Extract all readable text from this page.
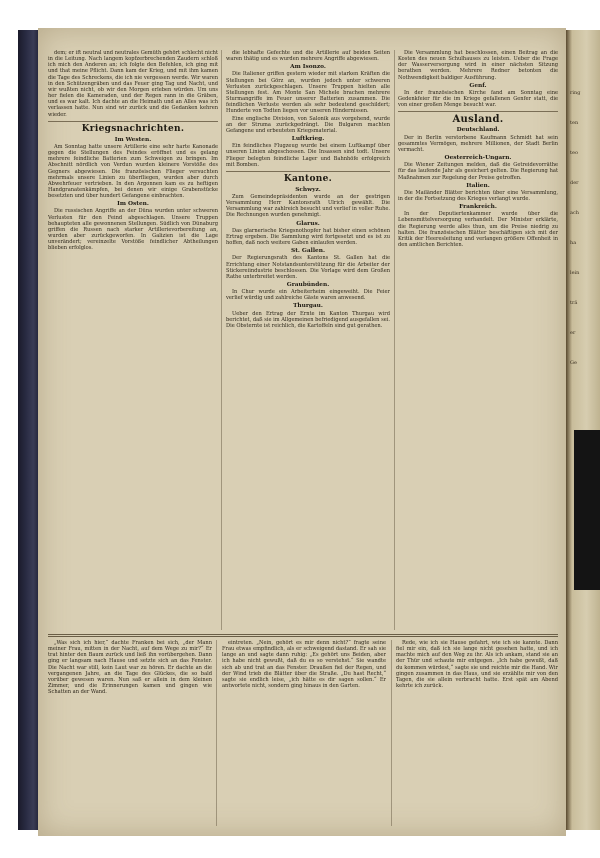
dem; er ift neutral und neutrales Gemüth gehört schlecht nicht in die Leitung. Nach langem kopfzerbrechenden Zaudern schloß ich mich den Anderen an; ich folgte den Befehlen, ich ging mit und that meine Pflicht. Dann kam der Krieg, und mit ihm kamen die Tage des Schreckens, die ich nie vergessen werde. Wir waren in den Schützengräben und das Feuer ging Tag und Nacht, und wir wußten nicht, ob wir den Morgen erleben würden. Um uns her fielen die Kameraden, und der Regen rann in die Gräben, und es war kalt. Ich dachte an die Heimath und an Alles was ich verlassen hatte. Nun sind wir zurück und die Gedanken kehren wieder.

Kriegsnachrichten.
Im Westen.

Am Sonntag hatte unsere Artillerie eine sehr harte Kanonade gegen die Stellungen des Feindes eröffnet und es gelang mehrere feindliche Batterien zum Schweigen zu bringen. Im Abschnitt nördlich von Verdun wurden kleinere Vorstöße des Gegners abgewiesen. Die französischen Flieger versuchten mehrmals unsere Linien zu überfliegen, wurden aber durch Abwehrfeuer vertrieben. In den Argonnen kam es zu heftigen Handgranatenkämpfen, bei denen wir einige Grabenstücke besetzten und über hundert Gefangene einbrachten.

Im Osten.

Die russischen Angriffe an der Düna wurden unter schweren Verlusten für den Feind abgeschlagen. Unsere Truppen behaupteten alle gewonnenen Stellungen. Südlich von Dünaburg griffen die Russen nach starker Artillerievorbereitung an, wurden aber zurückgeworfen. In Galizien ist die Lage unverändert; vereinzelte Vorstöße feindlicher Abtheilungen blieben erfolglos.

die lebhafte Gefechte und die Artillerie auf beiden Seiten waren thätig und es wurden mehrere Angriffe abgewiesen.

Am Isonzo.

Die Italiener griffen gestern wieder mit starken Kräften die Stellungen bei Görz an, wurden jedoch unter schweren Verlusten zurückgeschlagen. Unsere Truppen hielten alle Stellungen fest. Am Monte San Michele brachen mehrere Sturmangriffe im Feuer unserer Batterien zusammen. Die feindlichen Verluste werden als sehr bedeutend geschildert; Hunderte von Todten liegen vor unseren Hindernissen.

Eine englische Division, von Salonik aus vorgehend, wurde an der Struma zurückgedrängt. Die Bulgaren machten Gefangene und erbeuteten Kriegsmaterial.

Luftkrieg.

Ein feindliches Flugzeug wurde bei einem Luftkampf über unseren Linien abgeschossen. Die Insassen sind todt. Unsere Flieger belegten feindliche Lager und Bahnhöfe erfolgreich mit Bomben.

Kantone.
Schwyz.

Zum Gemeindepräsidenten wurde an der gestrigen Versammlung Herr Kantonsrath Ulrich gewählt. Die Versammlung war zahlreich besucht und verlief in voller Ruhe. Die Rechnungen wurden genehmigt.

Glarus.

Das glarnerische Kriegsnothopfer hat bisher einen schönen Ertrag ergeben. Die Sammlung wird fortgesetzt und es ist zu hoffen, daß noch weitere Gaben einlaufen werden.

St. Gallen.

Der Regierungsrath des Kantons St. Gallen hat die Errichtung einer Notstandsunterstützung für die Arbeiter der Stickereiindustrie beschlossen. Die Vorlage wird dem Großen Rathe unterbreitet werden.

Graubünden.

In Chur wurde ein Arbeiterheim eingeweiht. Die Feier verlief würdig und zahlreiche Gäste waren anwesend.

Thurgau.

Ueber den Ertrag der Ernte im Kanton Thurgau wird berichtet, daß sie im Allgemeinen befriedigend ausgefallen sei. Die Obsternte ist reichlich, die Kartoffeln sind gut gerathen.

Die Versammlung hat beschlossen, einen Beitrag an die Kosten des neuen Schulhauses zu leisten. Ueber die Frage der Wasserversorgung wird in einer nächsten Sitzung berathen werden. Mehrere Redner betonten die Nothwendigkeit baldiger Ausführung.

Genf.

In der französischen Kirche fand am Sonntag eine Gedenkfeier für die im Kriege gefallenen Genfer statt, die von einer großen Menge besucht war.

Ausland.
Deutschland.

Der in Berlin verstorbene Kaufmann Schmidt hat sein gesammtes Vermögen, mehrere Millionen, der Stadt Berlin vermacht.

Oesterreich-Ungarn.

Die Wiener Zeitungen melden, daß die Getreidevorräthe für das laufende Jahr als gesichert gelten. Die Regierung hat Maßnahmen zur Regelung der Preise getroffen.

Italien.

Die Mailänder Blätter berichten über eine Versammlung, in der die Fortsetzung des Krieges verlangt wurde.

Frankreich.

In der Deputiertenkammer wurde über die Lebensmittelversorgung verhandelt. Der Minister erklärte, die Regierung werde alles thun, um die Preise niedrig zu halten. Die französischen Blätter beschäftigen sich mit der Kritik der Heeresleitung und verlangen größere Offenheit in den amtlichen Berichten.

„Was sich ich hier,“ dachte Franken bei sich, „der Mann meiner Frau, mitten in der Nacht, auf dem Wege zu mir?“ Er trat hinter den Baum zurück und ließ ihn vorübergehen. Dann ging er langsam nach Hause und setzte sich an das Fenster. Die Nacht war still, kein Laut war zu hören. Er dachte an die vergangenen Jahre, an die Tage des Glückes, die so bald vorüber gewesen waren. Nun saß er allein in dem kleinen Zimmer, und die Erinnerungen kamen und gingen wie Schatten an der Wand.

eintreten. „Nein, gehört es mir denn nicht?“ fragte seine Frau etwas empfindlich, als er schweigend dastand. Er sah sie lange an und sagte dann ruhig: „Es gehört uns Beiden, aber ich habe nicht gewußt, daß du es so verstehst.“ Sie wandte sich ab und trat an das Fenster. Draußen fiel der Regen, und der Wind trieb die Blätter über die Straße. „Du hast Recht,“ sagte sie endlich leise, „ich hätte es dir sagen sollen.“ Er antwortete nicht, sondern ging hinaus in den Garten.

Rede, wie ich sie Hause gefahrt, wie ich sie kannte. Dann fiel mir ein, daß ich sie lange nicht gesehen hatte, und ich machte mich auf den Weg zu ihr. Als ich ankam, stand sie an der Thür und schaute mir entgegen. „Ich habe gewußt, daß du kommen würdest,“ sagte sie und reichte mir die Hand. Wir gingen zusammen in das Haus, und sie erzählte mir von den Tagen, die sie allein verbracht hatte. Erst spät am Abend kehrte ich zurück.

ring
ten
teo
der
ach
ha
lein
trä
er
Ge
